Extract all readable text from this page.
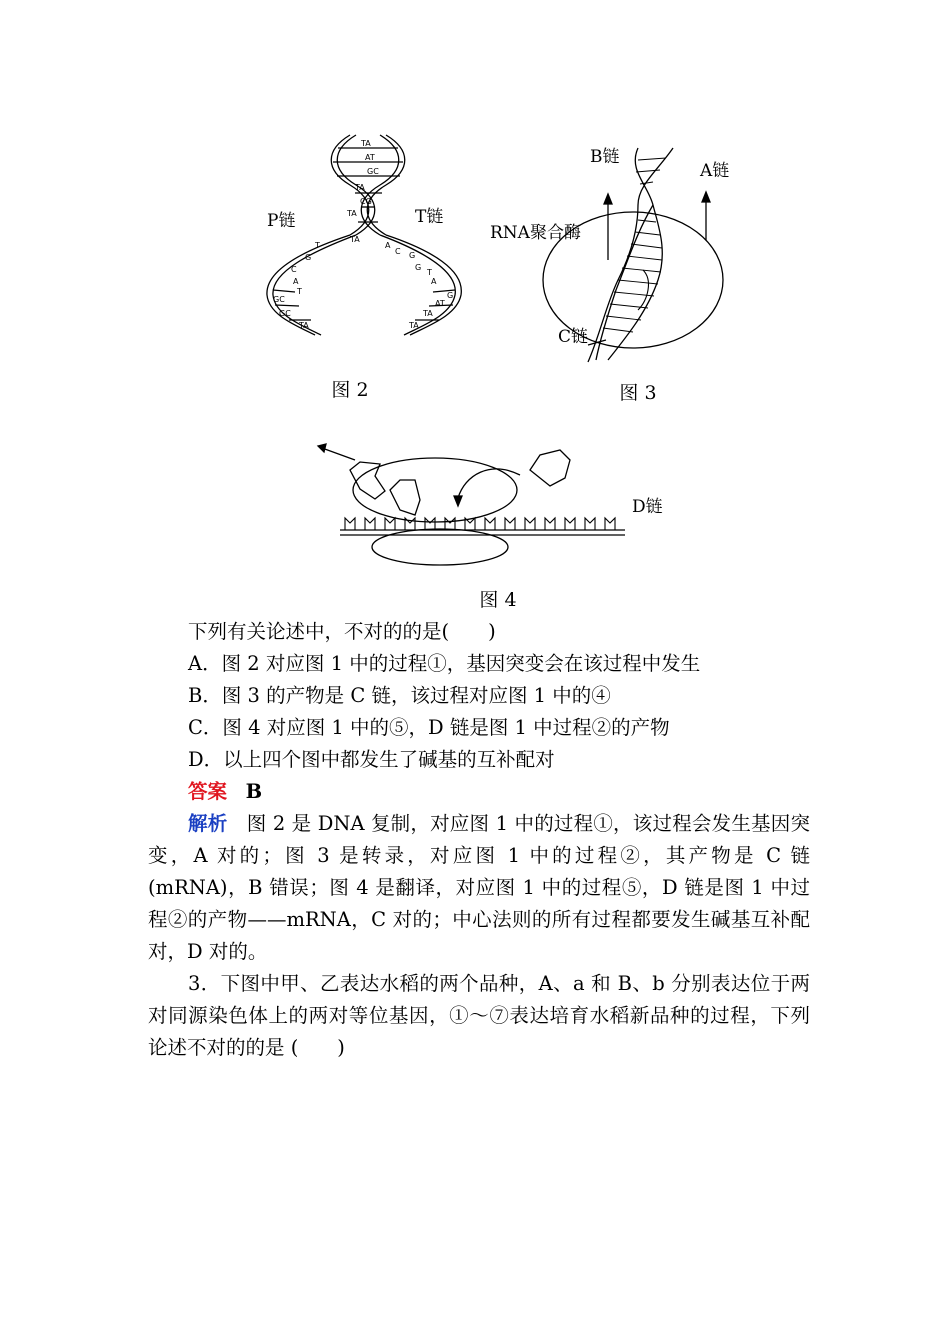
TA
AT
GC
TA
CG
TA
TA
T
G
C
A
T
GC
GC
TA
A
C G
G
T
A
G
AT
TA
TA
P链	T链
图 2
B链
A链
RNA聚合酶
C链
图 3
D链
图 4

下列有关论述中，不对的的是(　　)

A．图 2 对应图 1 中的过程①，基因突变会在该过程中发生

B．图 3 的产物是 C 链，该过程对应图 1 中的④

C．图 4 对应图 1 中的⑤，D 链是图 1 中过程②的产物

D．以上四个图中都发生了碱基的互补配对

答案 B

解析 图 2 是 DNA 复制，对应图 1 中的过程①，该过程会发生基因突变，A 对的；图 3 是转录，对应图 1 中的过程②，其产物是 C 链(mRNA)，B 错误；图 4 是翻译，对应图 1 中的过程⑤，D 链是图 1 中过程②的产物——mRNA，C 对的；中心法则的所有过程都要发生碱基互补配对，D 对的。

3．下图中甲、乙表达水稻的两个品种，A、a 和 B、b 分别表达位于两对同源染色体上的两对等位基因，①～⑦表达培育水稻新品种的过程，下列论述不对的的是 (　　)
